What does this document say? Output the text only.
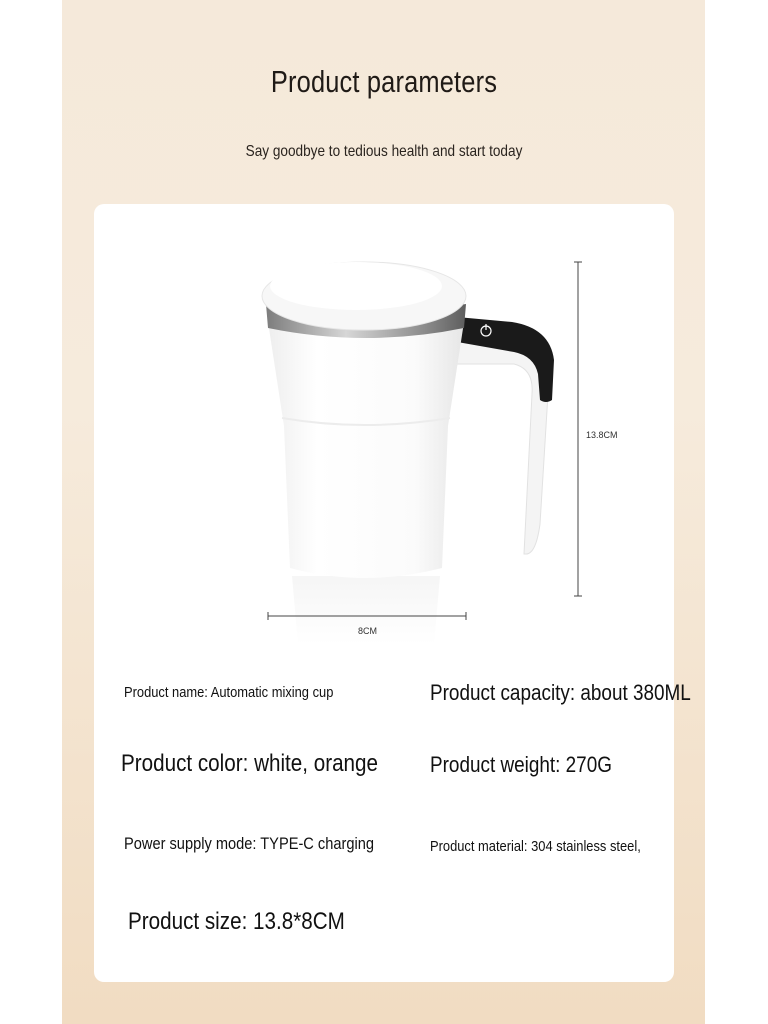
Product parameters
Say goodbye to tedious health and start today
13.8CM
8CM
Product name: Automatic mixing cup	Product capacity: about 380ML
Product color: white, orange Product weight: 270G
Power supply mode: TYPE-C charging	Product material: 304 stainless steel,
Product size: 13.8*8CM
